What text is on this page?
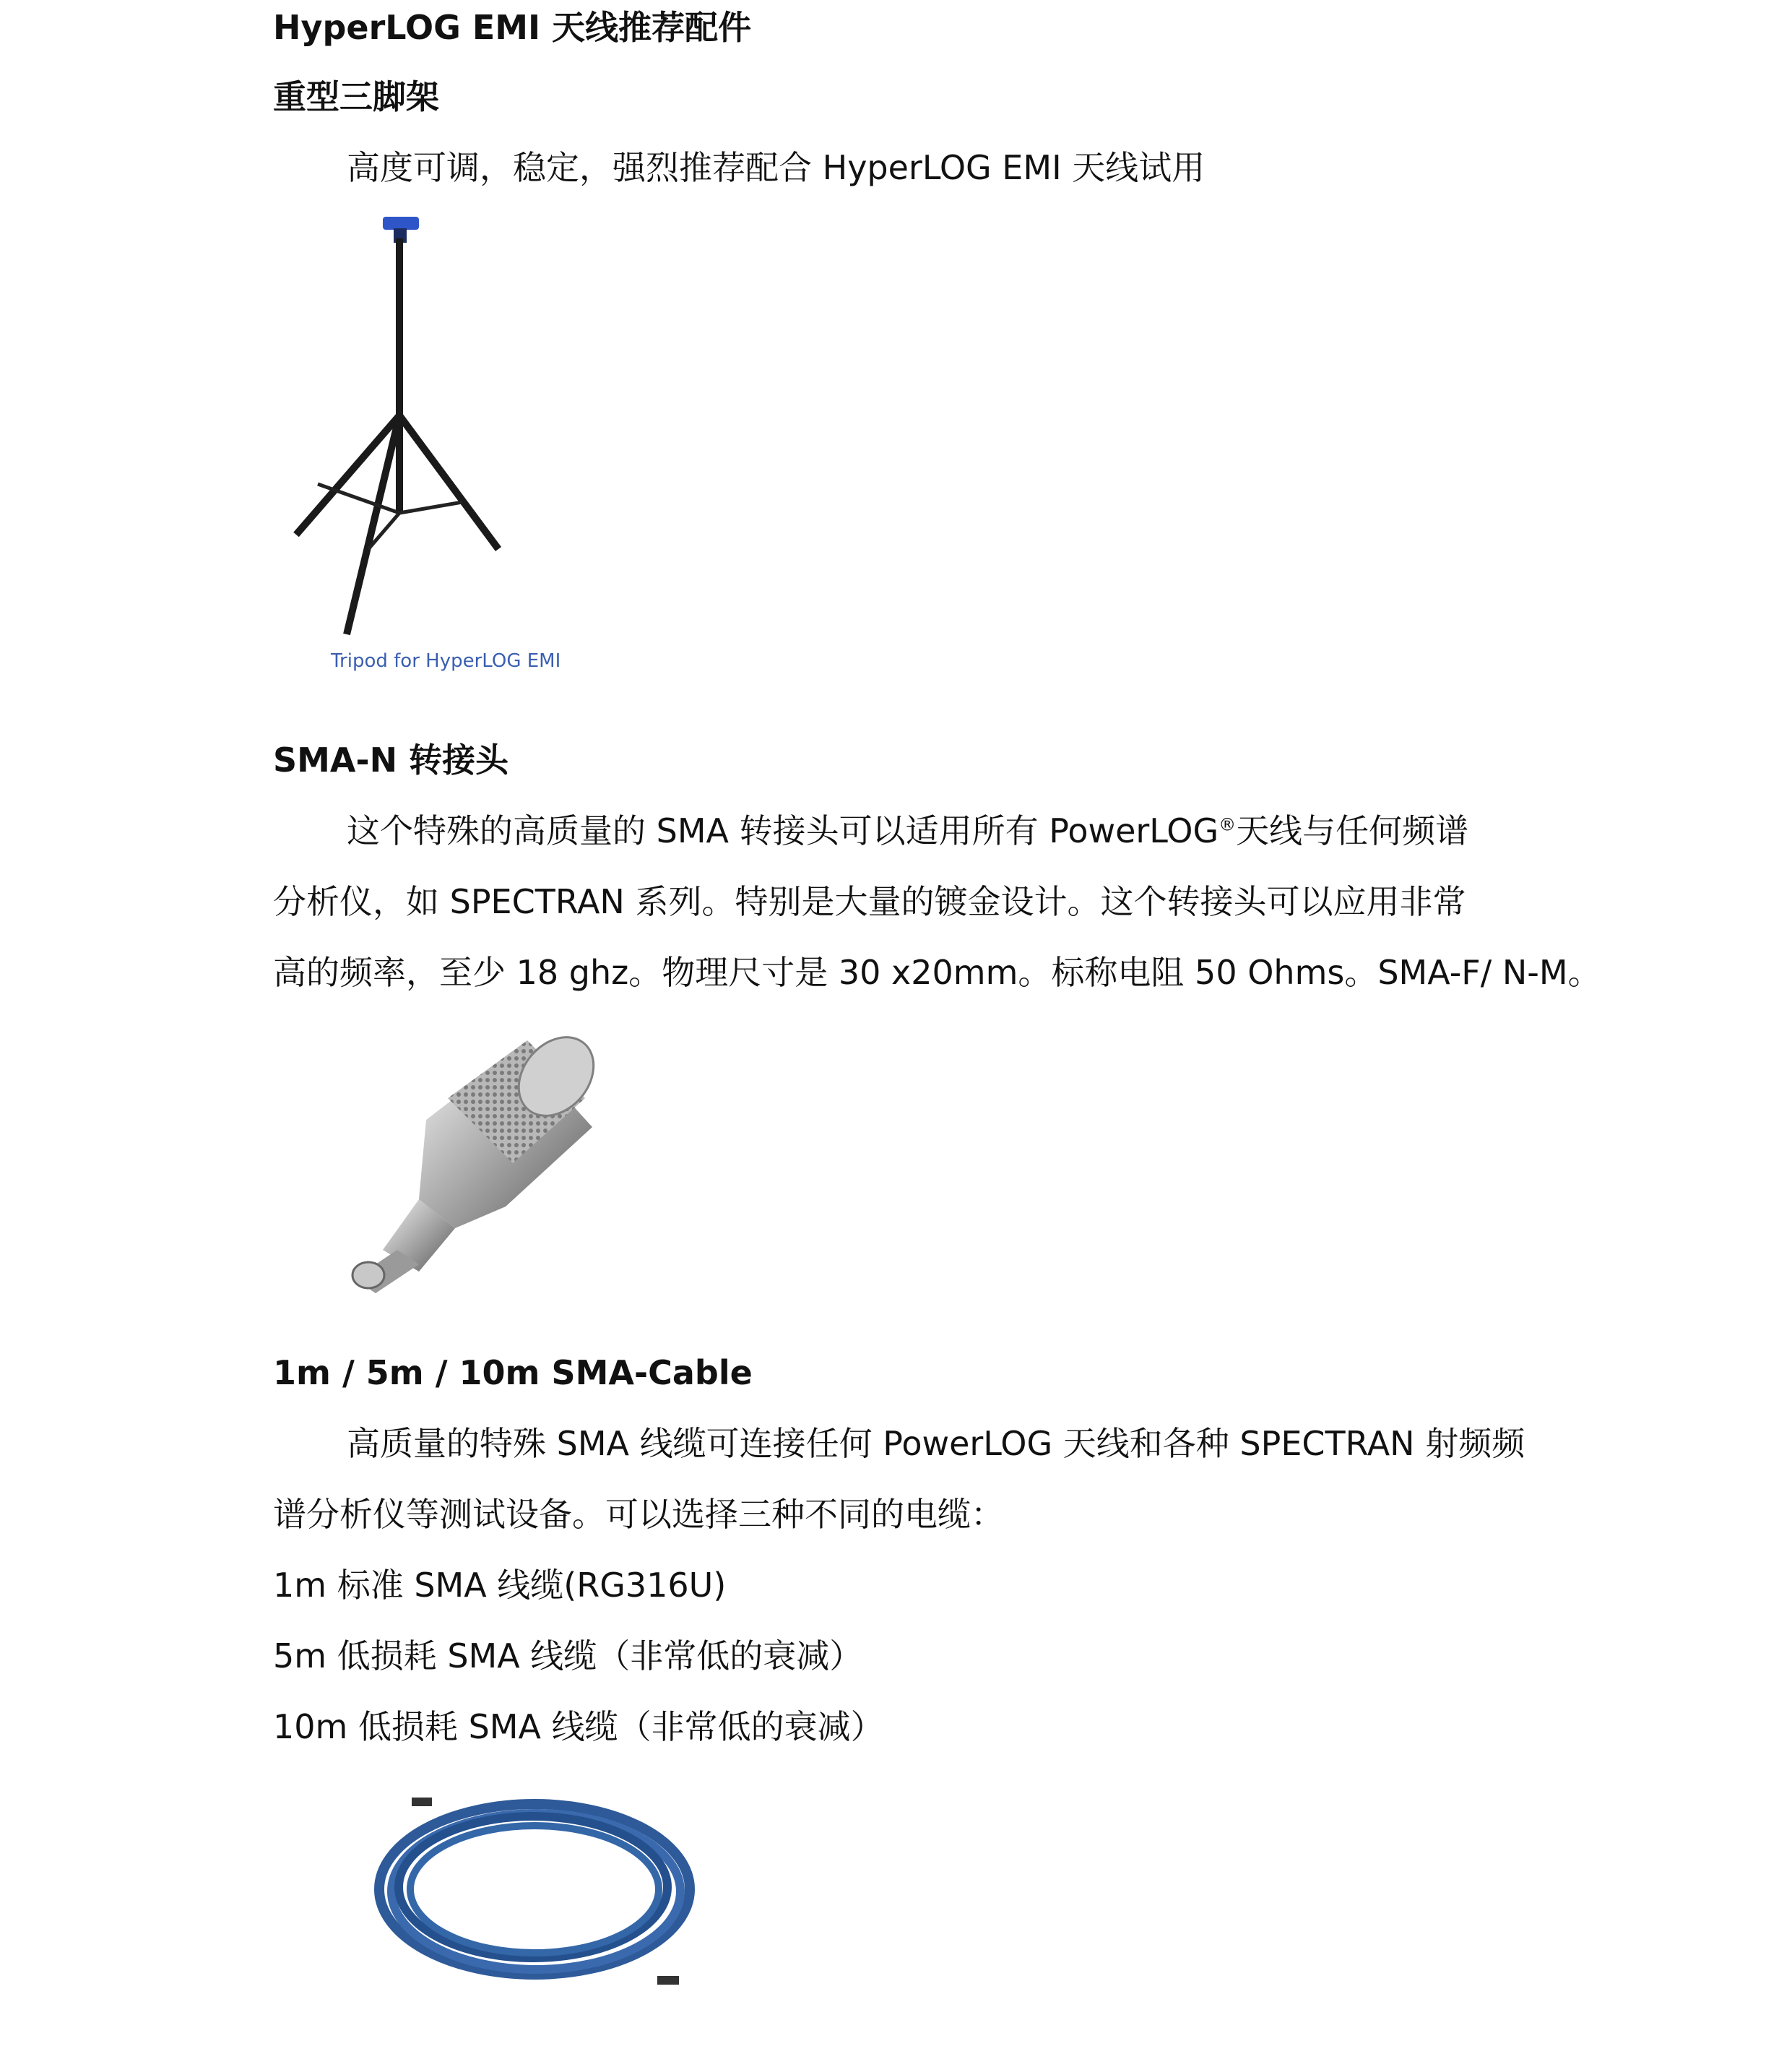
HyperLOG EMI 天线推荐配件
重型三脚架
高度可调，稳定，强烈推荐配合 HyperLOG EMI 天线试用
Tripod for HyperLOG EMI
SMA-N 转接头
这个特殊的高质量的 SMA 转接头可以适用所有 PowerLOG®天线与任何频谱
分析仪，如 SPECTRAN 系列。特别是大量的镀金设计。这个转接头可以应用非常
高的频率，至少 18 ghz。物理尺寸是 30 x20mm。标称电阻 50 Ohms。SMA-F/ N-M。
1m / 5m / 10m SMA-Cable
高质量的特殊 SMA 线缆可连接任何 PowerLOG 天线和各种 SPECTRAN 射频频
谱分析仪等测试设备。可以选择三种不同的电缆：
1m 标准 SMA 线缆(RG316U)
5m 低损耗 SMA 线缆（非常低的衰减）
10m 低损耗 SMA 线缆（非常低的衰减）
